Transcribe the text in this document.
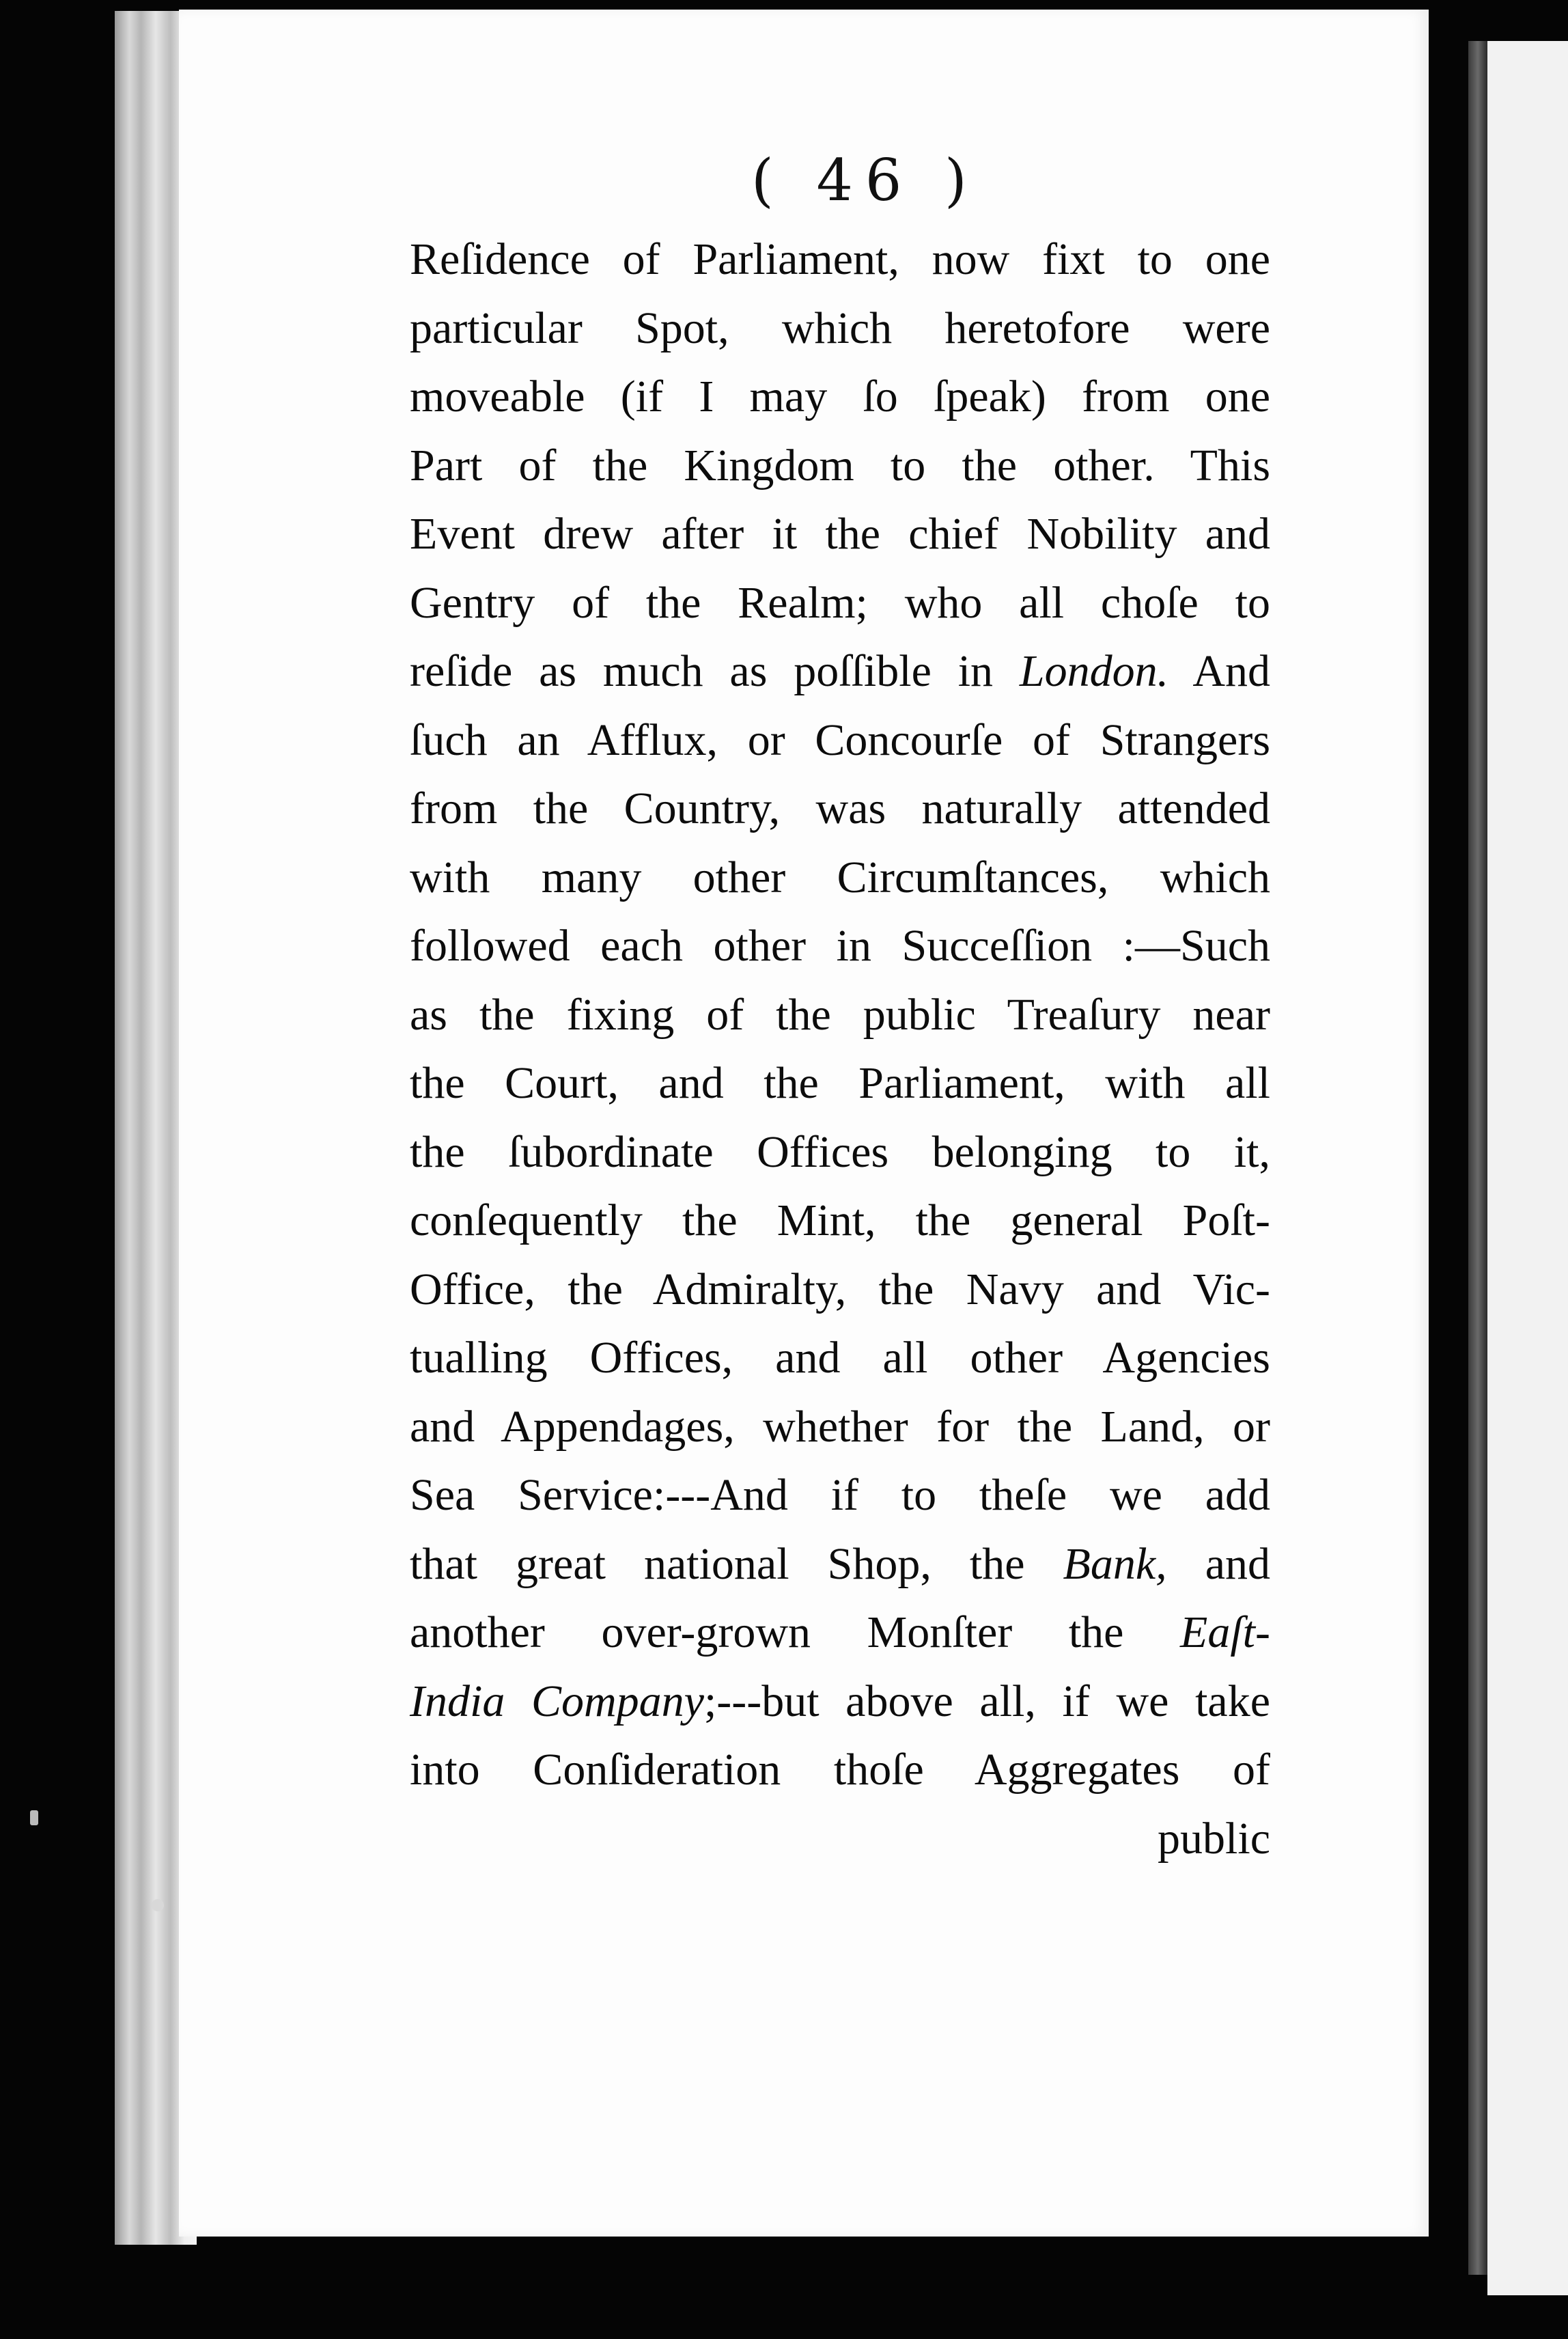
( 46 )
Reſidence of Parliament, now fixt to one
particular Spot, which heretofore were
moveable (if I may ſo ſpeak) from one
Part of the Kingdom to the other. This
Event drew after it the chief Nobility and
Gentry of the Realm; who all choſe to
reſide as much as poſſible in London. And
ſuch an Afflux, or Concourſe of Strangers
from the Country, was naturally attended
with many other Circumſtances, which
followed each other in Succeſſion :—Such
as the fixing of the public Treaſury near
the Court, and the Parliament, with all
the ſubordinate Offices belonging to it,
conſequently the Mint, the general Poſt-
Office, the Admiralty, the Navy and Vic-
tualling Offices, and all other Agencies
and Appendages, whether for the Land, or
Sea Service:---And if to theſe we add
that great national Shop, the Bank, and
another over-grown Monſter the Eaſt-
India Company;---but above all, if we take
into Conſideration thoſe Aggregates of
public
